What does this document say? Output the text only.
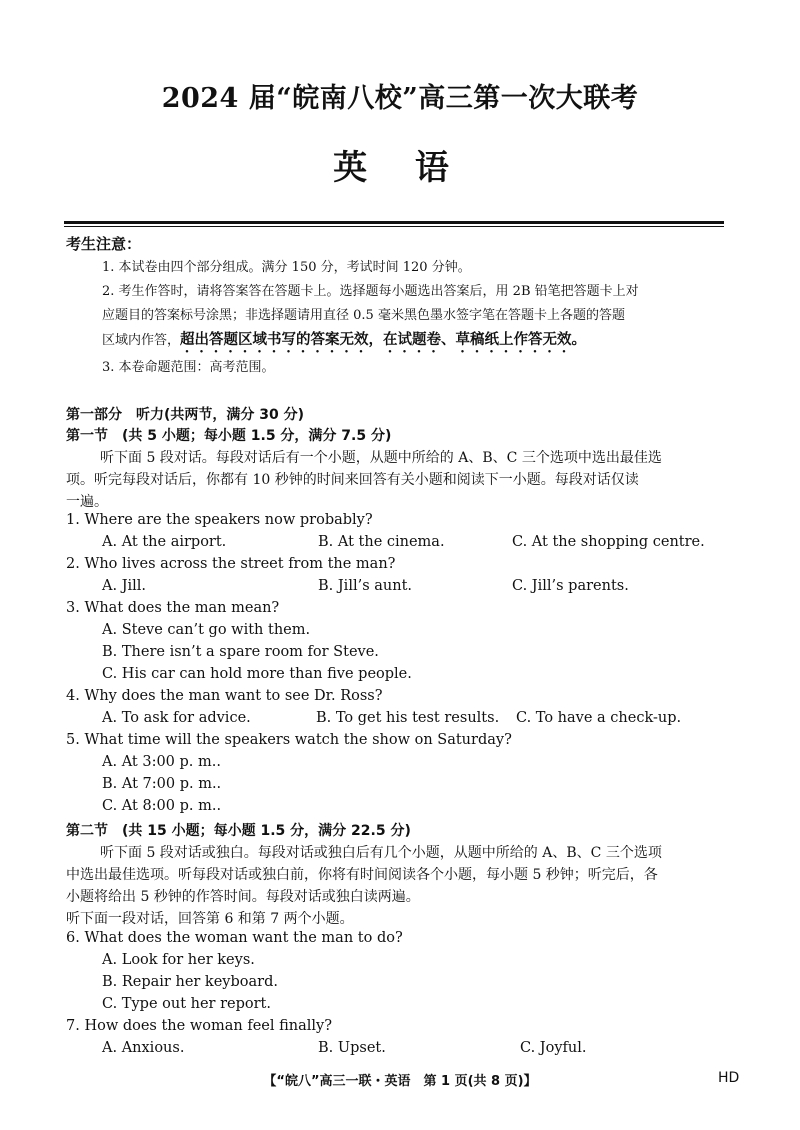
2024 届“皖南八校”高三第一次大联考
英 语
考生注意：
1. 本试卷由四个部分组成。满分 150 分，考试时间 120 分钟。
2. 考生作答时，请将答案答在答题卡上。选择题每小题选出答案后，用 2B 铅笔把答题卡上对
应题目的答案标号涂黑；非选择题请用直径 0.5 毫米黑色墨水签字笔在答题卡上各题的答题
区域内作答，超出答题区域书写的答案无效，在试题卷、草稿纸上作答无效。
3. 本卷命题范围：高考范围。
第一部分　听力(共两节，满分 30 分)
第一节　(共 5 小题；每小题 1.5 分，满分 7.5 分)
听下面 5 段对话。每段对话后有一个小题，从题中所给的 A、B、C 三个选项中选出最佳选
项。听完每段对话后，你都有 10 秒钟的时间来回答有关小题和阅读下一小题。每段对话仅读
一遍。
1. Where are the speakers now probably?
A. At the airport.	B. At the cinema.	C. At the shopping centre.
2. Who lives across the street from the man?
A. Jill.	B. Jill’s aunt.	C. Jill’s parents.
3. What does the man mean?
A. Steve can’t go with them.
B. There isn’t a spare room for Steve.
C. His car can hold more than five people.
4. Why does the man want to see Dr. Ross?
A. To ask for advice.	B. To get his test results. C. To have a check-up.
5. What time will the speakers watch the show on Saturday?
A. At 3:00 p. m..
B. At 7:00 p. m..
C. At 8:00 p. m..
第二节　(共 15 小题；每小题 1.5 分，满分 22.5 分)
听下面 5 段对话或独白。每段对话或独白后有几个小题，从题中所给的 A、B、C 三个选项
中选出最佳选项。听每段对话或独白前，你将有时间阅读各个小题，每小题 5 秒钟；听完后，各
小题将给出 5 秒钟的作答时间。每段对话或独白读两遍。
听下面一段对话，回答第 6 和第 7 两个小题。
6. What does the woman want the man to do?
A. Look for her keys.
B. Repair her keyboard.
C. Type out her report.
7. How does the woman feel finally?
A. Anxious.	B. Upset.	C. Joyful.
【“皖八”高三一联・英语　第 1 页(共 8 页)】	HD
